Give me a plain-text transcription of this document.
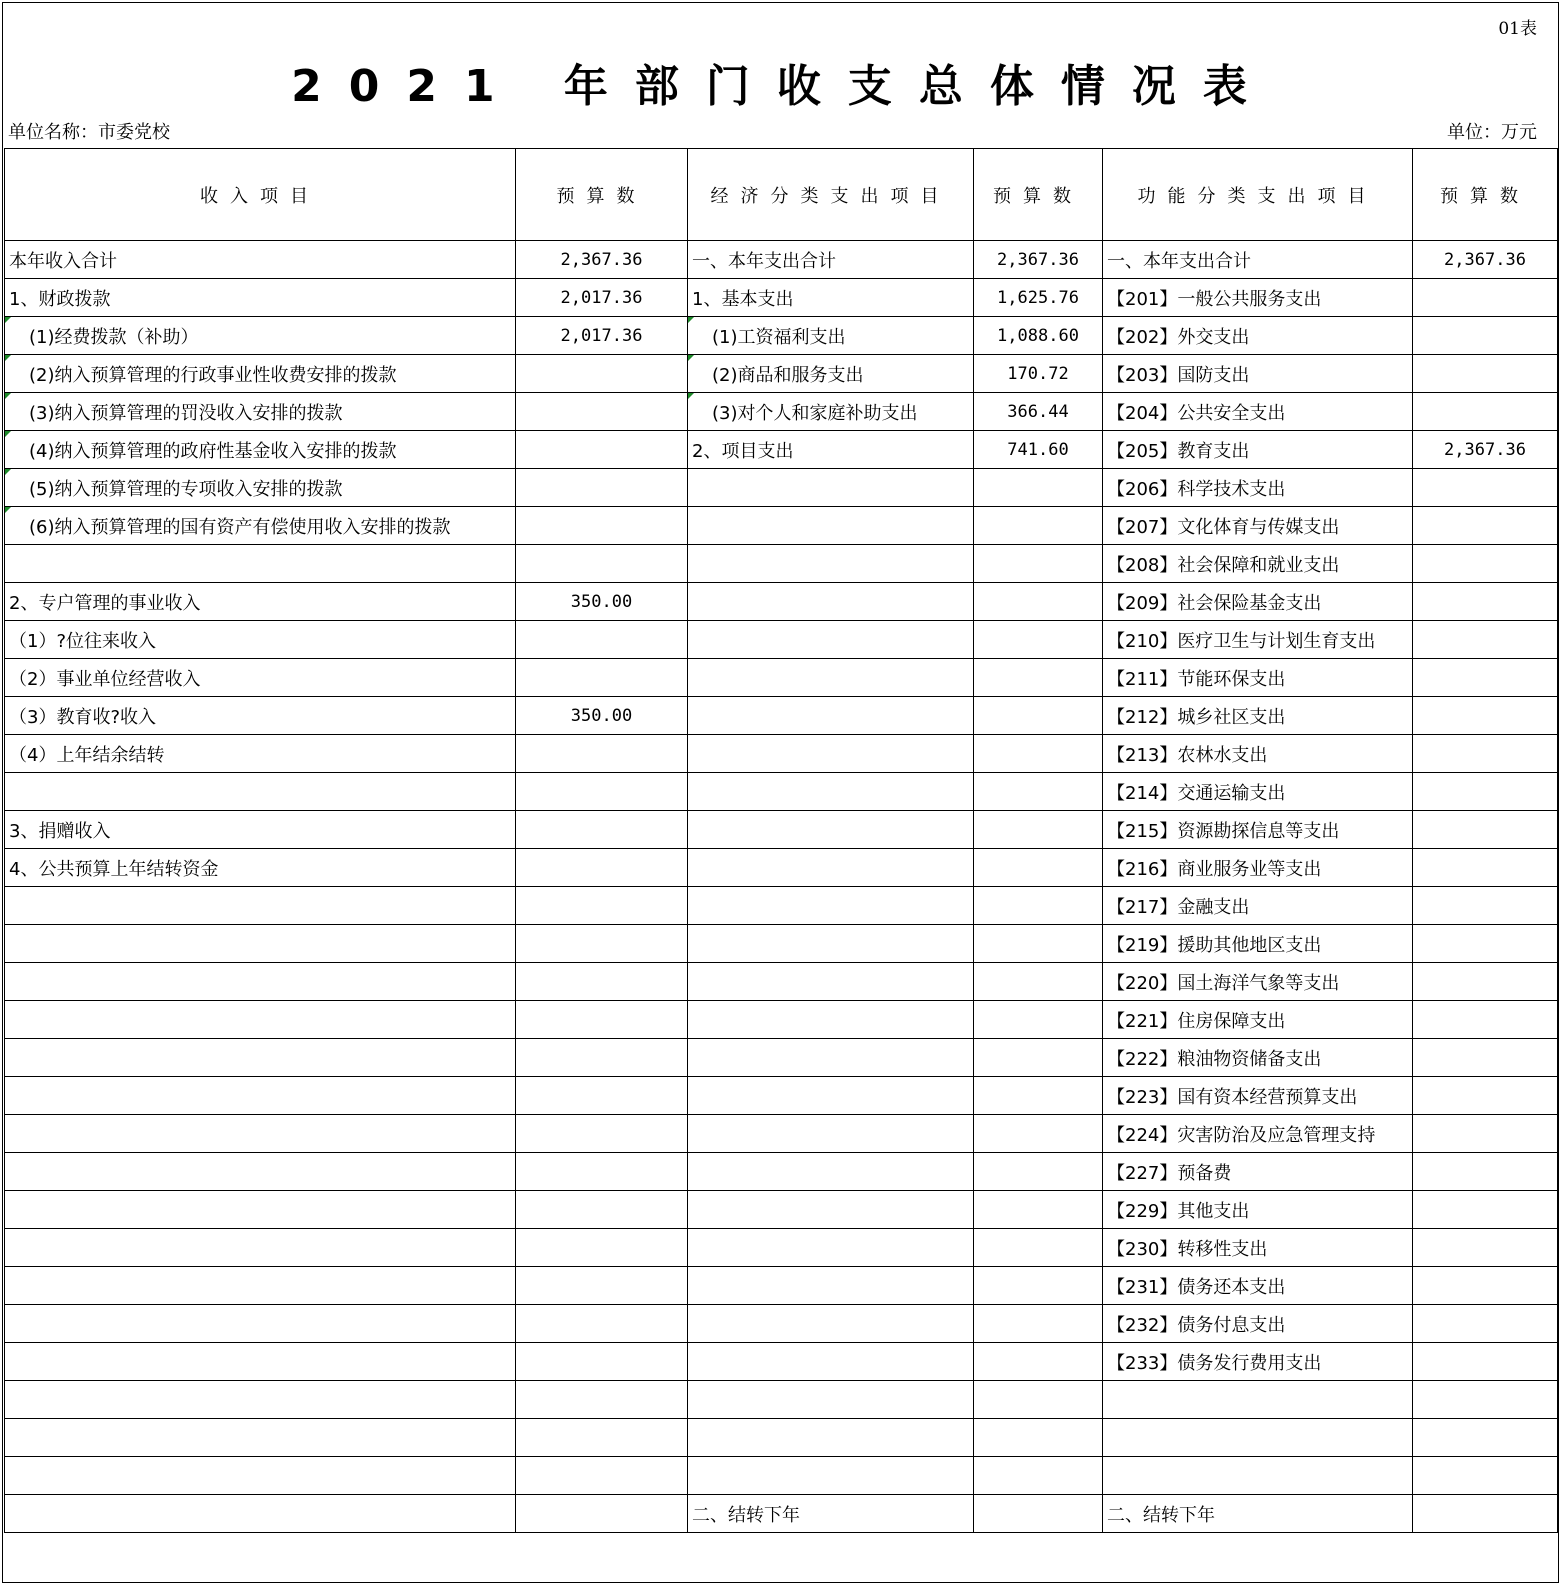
01表
2021 年部门收支总体情况表
单位名称：市委党校	单位：万元
收入项目	预算数	经济分类支出项目	预算数	功能分类支出项目	预算数
本年收入合计	2,367.36	一、本年支出合计	2,367.36	一、本年支出合计	2,367.36
1、财政拨款	2,017.36	1、基本支出	1,625.76	【201】一般公共服务支出	
(1)经费拨款（补助）	2,017.36	(1)工资福利支出	1,088.60	【202】外交支出	
(2)纳入预算管理的行政事业性收费安排的拨款		(2)商品和服务支出	170.72	【203】国防支出	
(3)纳入预算管理的罚没收入安排的拨款		(3)对个人和家庭补助支出	366.44	【204】公共安全支出	
(4)纳入预算管理的政府性基金收入安排的拨款		2、项目支出	741.60	【205】教育支出	2,367.36
(5)纳入预算管理的专项收入安排的拨款				【206】科学技术支出	
(6)纳入预算管理的国有资产有偿使用收入安排的拨款				【207】文化体育与传媒支出	
				【208】社会保障和就业支出	
2、专户管理的事业收入	350.00			【209】社会保险基金支出	
（1）?位往来收入				【210】医疗卫生与计划生育支出	
（2）事业单位经营收入				【211】节能环保支出	
（3）教育收?收入	350.00			【212】城乡社区支出	
（4）上年结余结转				【213】农林水支出	
				【214】交通运输支出	
3、捐赠收入				【215】资源勘探信息等支出	
4、公共预算上年结转资金				【216】商业服务业等支出	
				【217】金融支出	
				【219】援助其他地区支出	
				【220】国土海洋气象等支出	
				【221】住房保障支出	
				【222】粮油物资储备支出	
				【223】国有资本经营预算支出	
				【224】灾害防治及应急管理支持	
				【227】预备费	
				【229】其他支出	
				【230】转移性支出	
				【231】债务还本支出	
				【232】债务付息支出	
				【233】债务发行费用支出	

		二、结转下年		二、结转下年	
